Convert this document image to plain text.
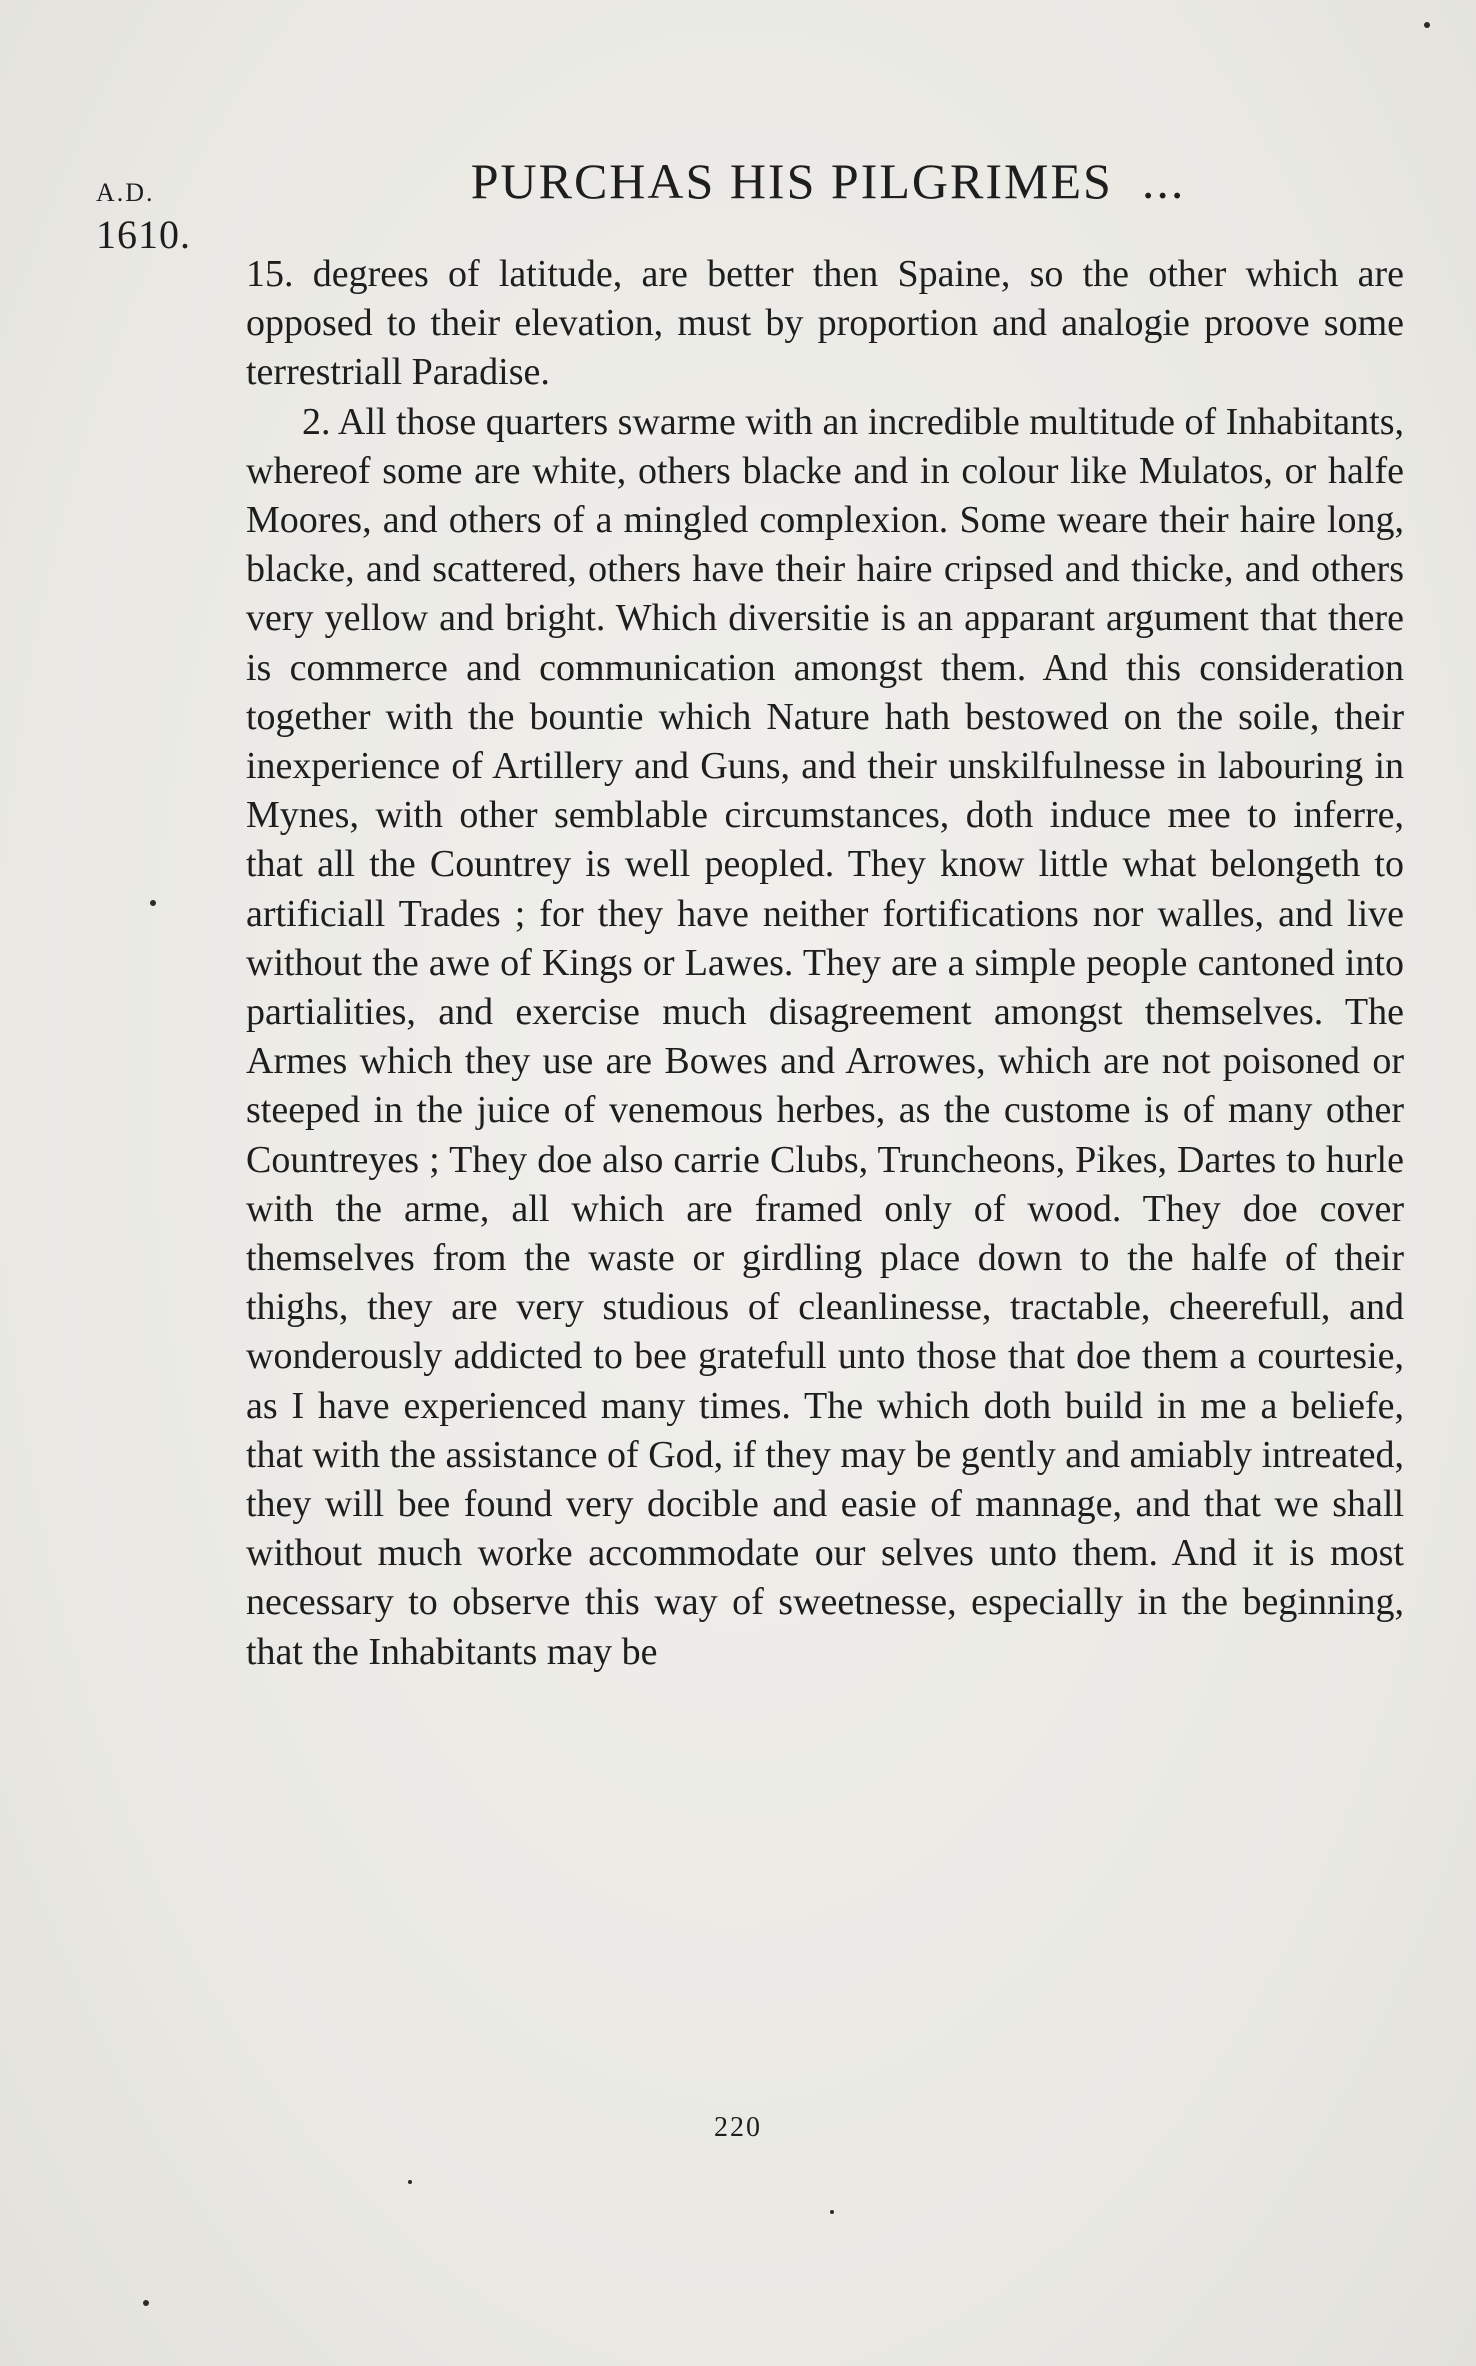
A.D.
1610.
PURCHAS HIS PILGRIMES  ...

15. degrees of latitude, are better then Spaine, so the other which are opposed to their elevation, must by proportion and analogie proove some terrestriall Paradise.

2. All those quarters swarme with an incredible multitude of Inhabitants, whereof some are white, others blacke and in colour like Mulatos, or halfe Moores, and others of a mingled complexion. Some weare their haire long, blacke, and scattered, others have their haire cripsed and thicke, and others very yellow and bright. Which diversitie is an apparant argument that there is commerce and communication amongst them. And this consideration together with the bountie which Nature hath bestowed on the soile, their inexperience of Artillery and Guns, and their unskilfulnesse in labouring in Mynes, with other semblable circumstances, doth induce mee to inferre, that all the Countrey is well peopled. They know little what belongeth to artificiall Trades ; for they have neither fortifications nor walles, and live without the awe of Kings or Lawes. They are a simple people cantoned into partialities, and exercise much disagreement amongst themselves. The Armes which they use are Bowes and Arrowes, which are not poisoned or steeped in the juice of venemous herbes, as the custome is of many other Countreyes ; They doe also carrie Clubs, Truncheons, Pikes, Dartes to hurle with the arme, all which are framed only of wood. They doe cover themselves from the waste or girdling place down to the halfe of their thighs, they are very studious of cleanlinesse, tractable, cheerefull, and wonderously addicted to bee gratefull unto those that doe them a courtesie, as I have experienced many times. The which doth build in me a beliefe, that with the assistance of God, if they may be gently and amiably intreated, they will bee found very docible and easie of mannage, and that we shall without much worke accommodate our selves unto them. And it is most necessary to observe this way of sweetnesse, especially in the beginning, that the Inhabitants may be

220
